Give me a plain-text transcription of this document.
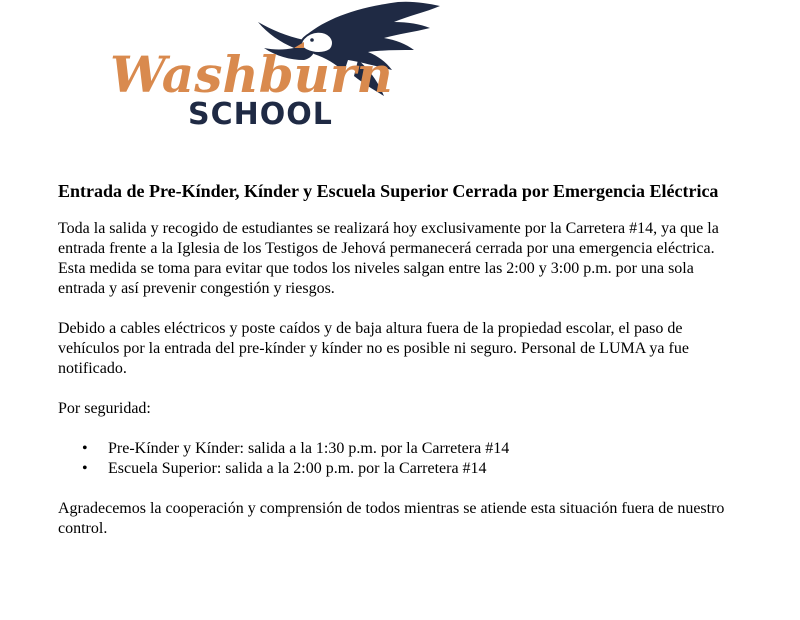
Washburn
SCHOOL
Entrada de Pre-Kínder, Kínder y Escuela Superior Cerrada por Emergencia Eléctrica

Toda la salida y recogido de estudiantes se realizará hoy exclusivamente por la Carretera #14, ya que la entrada frente a la Iglesia de los Testigos de Jehová permanecerá cerrada por una emergencia eléctrica. Esta medida se toma para evitar que todos los niveles salgan entre las 2:00 y 3:00 p.m. por una sola entrada y así prevenir congestión y riesgos.

Debido a cables eléctricos y poste caídos y de baja altura fuera de la propiedad escolar, el paso de vehículos por la entrada del pre-kínder y kínder no es posible ni seguro. Personal de LUMA ya fue notificado.

Por seguridad:

• Pre-Kínder y Kínder: salida a la 1:30 p.m. por la Carretera #14
• Escuela Superior: salida a la 2:00 p.m. por la Carretera #14

Agradecemos la cooperación y comprensión de todos mientras se atiende esta situación fuera de nuestro control.
